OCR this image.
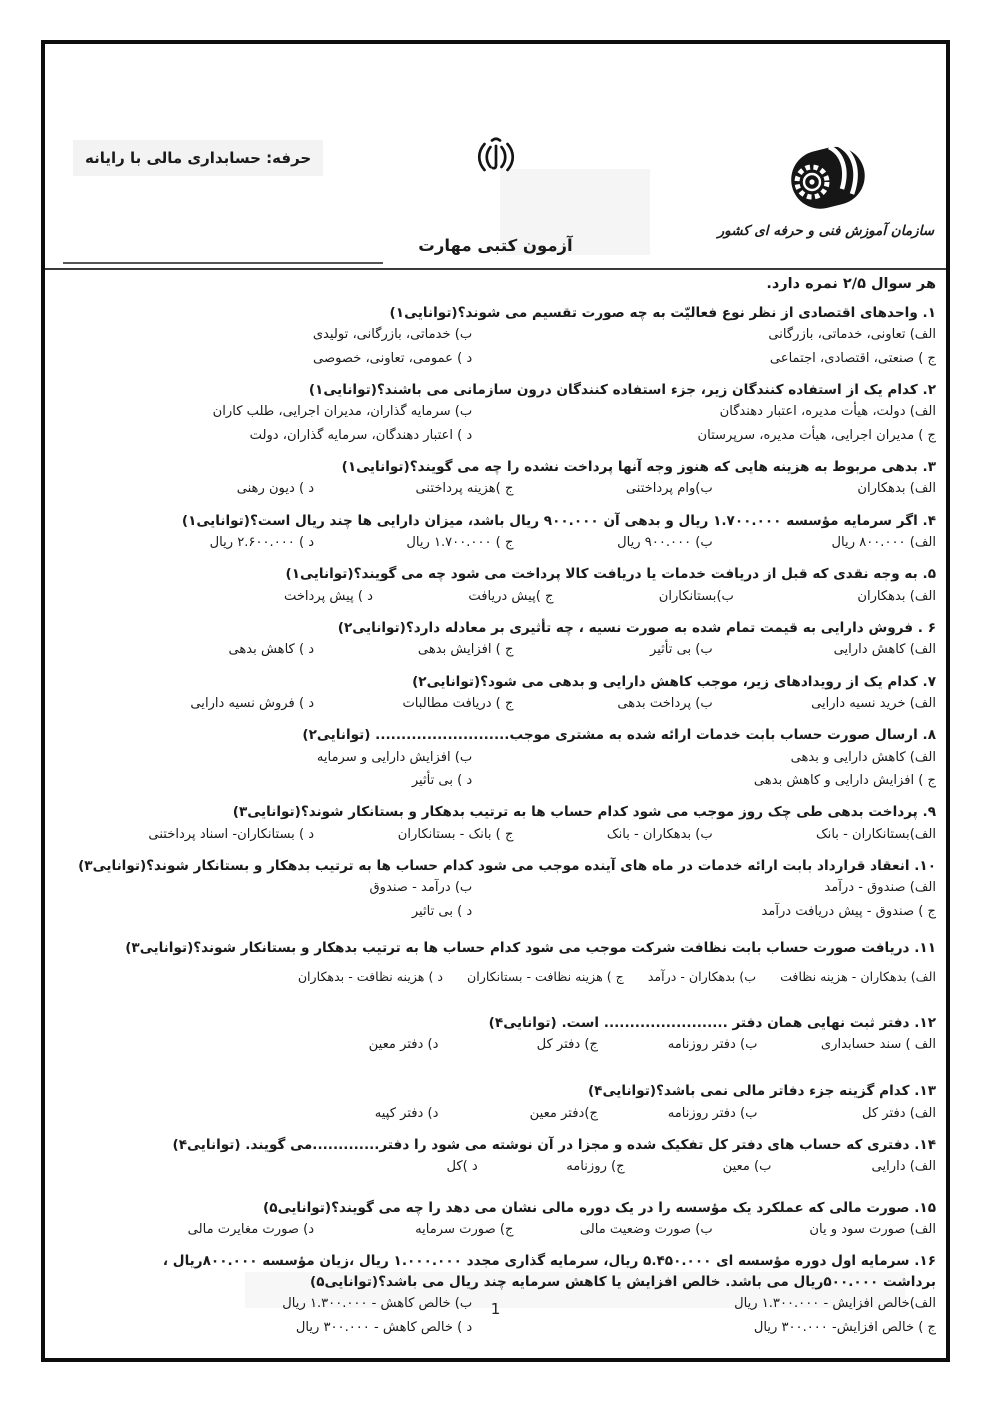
حرفه: حسابداری مالی با رایانه
سازمان آموزش فنی و حرفه ای کشور
آزمون کتبی مهارت
هر سوال ۲/۵ نمره دارد.
۱. واحدهای اقتصادی از نظر نوع فعالیّت به چه صورت تقسیم می شوند؟(توانایی۱)
الف) تعاونی، خدماتی، بازرگانی
ب) خدماتی، بازرگانی، تولیدی
ج ) صنعتی، اقتصادی، اجتماعی
د ) عمومی، تعاونی، خصوصی
۲. کدام یک از استفاده کنندگان زیر، جزء استفاده کنندگان درون سازمانی می باشند؟(توانایی۱)
الف) دولت، هیأت مدیره، اعتبار دهندگان
ب) سرمایه گذاران، مدیران اجرایی، طلب کاران
ج ) مدیران اجرایی، هیأت مدیره، سرپرستان
د ) اعتبار دهندگان، سرمایه گذاران، دولت
۳. بدهی مربوط به هزینه هایی که هنوز وجه آنها پرداخت نشده را چه می گویند؟(توانایی۱)
الف) بدهکاران
ب)وام پرداختنی
ج )هزینه پرداختنی
د ) دیون رهنی
۴. اگر سرمایه مؤسسه ۱.۷۰۰.۰۰۰ ریال و بدهی آن ۹۰۰.۰۰۰ ریال باشد، میزان دارایی ها چند ریال است؟(توانایی۱)
الف) ۸۰۰.۰۰۰ ریال
ب) ۹۰۰.۰۰۰ ریال
ج ) ۱.۷۰۰.۰۰۰ ریال
د ) ۲.۶۰۰.۰۰۰ ریال
۵. به وجه نقدی که قبل از دریافت خدمات یا دریافت کالا پرداخت می شود چه می گویند؟(توانایی۱)
الف) بدهکاران
ب)بستانکاران
ج )پیش دریافت
د ) پیش پرداخت
۶ . فروش دارایی به قیمت تمام شده به صورت نسیه ، چه تأثیری بر معادله دارد؟(توانایی۲)
الف) کاهش دارایی
ب) بی تأثیر
ج ) افزایش بدهی
د ) کاهش بدهی
۷. کدام یک از رویدادهای زیر، موجب کاهش دارایی و بدهی می شود؟(توانایی۲)
الف) خرید نسیه دارایی
ب) پرداخت بدهی
ج ) دریافت مطالبات
د ) فروش نسیه دارایی
۸. ارسال صورت حساب بابت خدمات ارائه شده به مشتری موجب.......................... (توانایی۲)
الف) کاهش دارایی و بدهی
ب) افزایش دارایی و سرمایه
ج ) افزایش دارایی و کاهش بدهی
د ) بی تأثیر
۹. پرداخت بدهی طی چک روز موجب می شود کدام حساب ها به ترتیب بدهکار و بستانکار شوند؟(توانایی۳)
الف)بستانکاران - بانک
ب) بدهکاران - بانک
ج ) بانک - بستانکاران
د ) بستانکاران- اسناد پرداختنی
۱۰. انعقاد قرارداد بابت ارائه خدمات در ماه های آینده موجب می شود کدام حساب ها به ترتیب بدهکار و بستانکار شوند؟(توانایی۳)
الف) صندوق - درآمد
ب) درآمد - صندوق
ج ) صندوق - پیش دریافت درآمد
د ) بی تاثیر
۱۱. دریافت صورت حساب بابت نظافت شرکت موجب می شود کدام حساب ها به ترتیب بدهکار و بستانکار شوند؟(توانایی۳)
الف) بدهکاران - هزینه نظافت
ب) بدهکاران - درآمد
ج ) هزینه نظافت - بستانکاران
د ) هزینه نظافت - بدهکاران
۱۲. دفتر ثبت نهایی همان دفتر ........................ است. (توانایی۴)
الف ) سند حسابداری
ب) دفتر روزنامه
ج) دفتر کل
د) دفتر معین
۱۳. کدام گزینه جزء دفاتر مالی نمی باشد؟(توانایی۴)
الف) دفتر کل
ب) دفتر روزنامه
ج)دفتر معین
د) دفتر کپیه
۱۴. دفتری که حساب های دفتر کل تفکیک شده و مجزا در آن نوشته می شود را دفتر.............می گویند. (توانایی۴)
الف) دارایی
ب) معین
ج) روزنامه
د )کل
۱۵. صورت مالی که عملکرد یک مؤسسه را در یک دوره مالی نشان می دهد را چه می گویند؟(توانایی۵)
الف) صورت سود و یان
ب) صورت وضعیت مالی
ج) صورت سرمایه
د) صورت مغایرت مالی
۱۶. سرمایه اول دوره مؤسسه ای ۵.۴۵۰.۰۰۰ ریال، سرمایه گذاری مجدد ۱.۰۰۰.۰۰۰ ریال ،زیان مؤسسه ۸۰۰.۰۰۰ریال ،
برداشت ۵۰۰.۰۰۰ریال می باشد. خالص افزایش یا کاهش سرمایه چند ریال می باشد؟(توانایی۵)
الف)خالص افزایش - ۱.۳۰۰.۰۰۰ ریال
ب) خالص کاهش - ۱.۳۰۰.۰۰۰ ریال
ج ) خالص افزایش- ۳۰۰.۰۰۰ ریال
د ) خالص کاهش - ۳۰۰.۰۰۰ ریال
1
